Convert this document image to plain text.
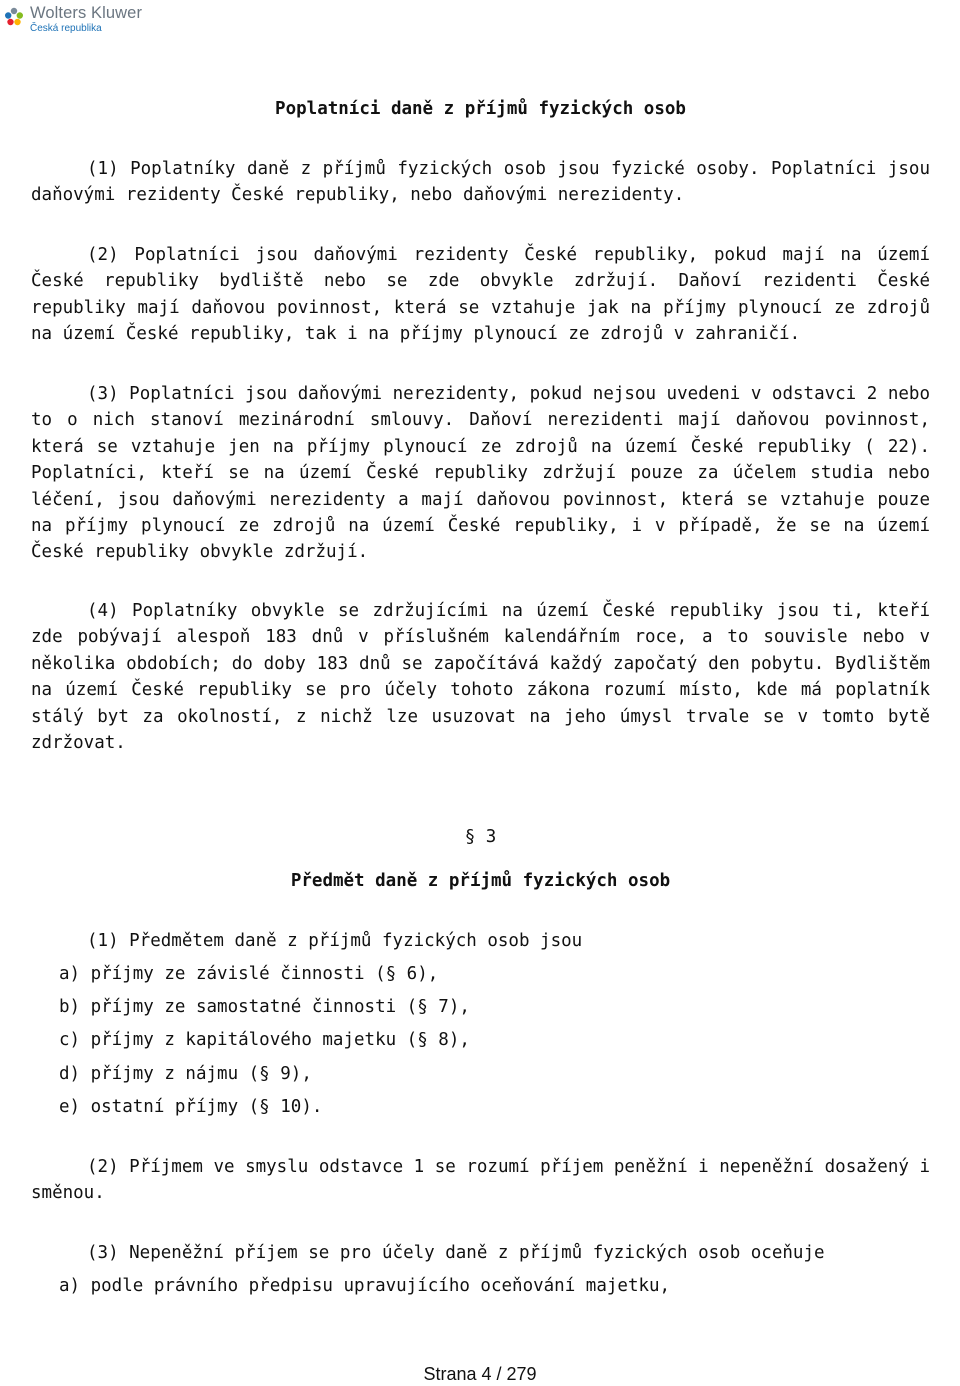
Wolters Kluwer
Česká republika
Poplatníci daně z příjmů fyzických osob

(1) Poplatníky daně z příjmů fyzických osob jsou fyzické osoby. Poplatníci jsou daňovými rezidenty České republiky, nebo daňovými nerezidenty.

(2) Poplatníci jsou daňovými rezidenty České republiky, pokud mají na území České republiky bydliště nebo se zde obvykle zdržují. Daňoví rezidenti České republiky mají daňovou povinnost, která se vztahuje jak na příjmy plynoucí ze zdrojů na území České republiky, tak i na příjmy plynoucí ze zdrojů v zahraničí.

(3) Poplatníci jsou daňovými nerezidenty, pokud nejsou uvedeni v odstavci 2 nebo to o nich stanoví mezinárodní smlouvy. Daňoví nerezidenti mají daňovou povinnost, která se vztahuje jen na příjmy plynoucí ze zdrojů na území České republiky ( 22). Poplatníci, kteří se na území České republiky zdržují pouze za účelem studia nebo léčení, jsou daňovými nerezidenty a mají daňovou povinnost, která se vztahuje pouze na příjmy plynoucí ze zdrojů na území České republiky, i v případě, že se na území České republiky obvykle zdržují.

(4) Poplatníky obvykle se zdržujícími na území České republiky jsou ti, kteří zde pobývají alespoň 183 dnů v příslušném kalendářním roce, a to souvisle nebo v několika obdobích; do doby 183 dnů se započítává každý započatý den pobytu. Bydlištěm na území České republiky se pro účely tohoto zákona rozumí místo, kde má poplatník stálý byt za okolností, z nichž lze usuzovat na jeho úmysl trvale se v tomto bytě zdržovat.

§ 3
Předmět daně z příjmů fyzických osob
(1) Předmětem daně z příjmů fyzických osob jsou
a) příjmy ze závislé činnosti (§ 6),
b) příjmy ze samostatné činnosti (§ 7),
c) příjmy z kapitálového majetku (§ 8),
d) příjmy z nájmu (§ 9),
e) ostatní příjmy (§ 10).

(2) Příjmem ve smyslu odstavce 1 se rozumí příjem peněžní i nepeněžní dosažený i směnou.

(3) Nepeněžní příjem se pro účely daně z příjmů fyzických osob oceňuje
a) podle právního předpisu upravujícího oceňování majetku,
Strana 4 / 279
